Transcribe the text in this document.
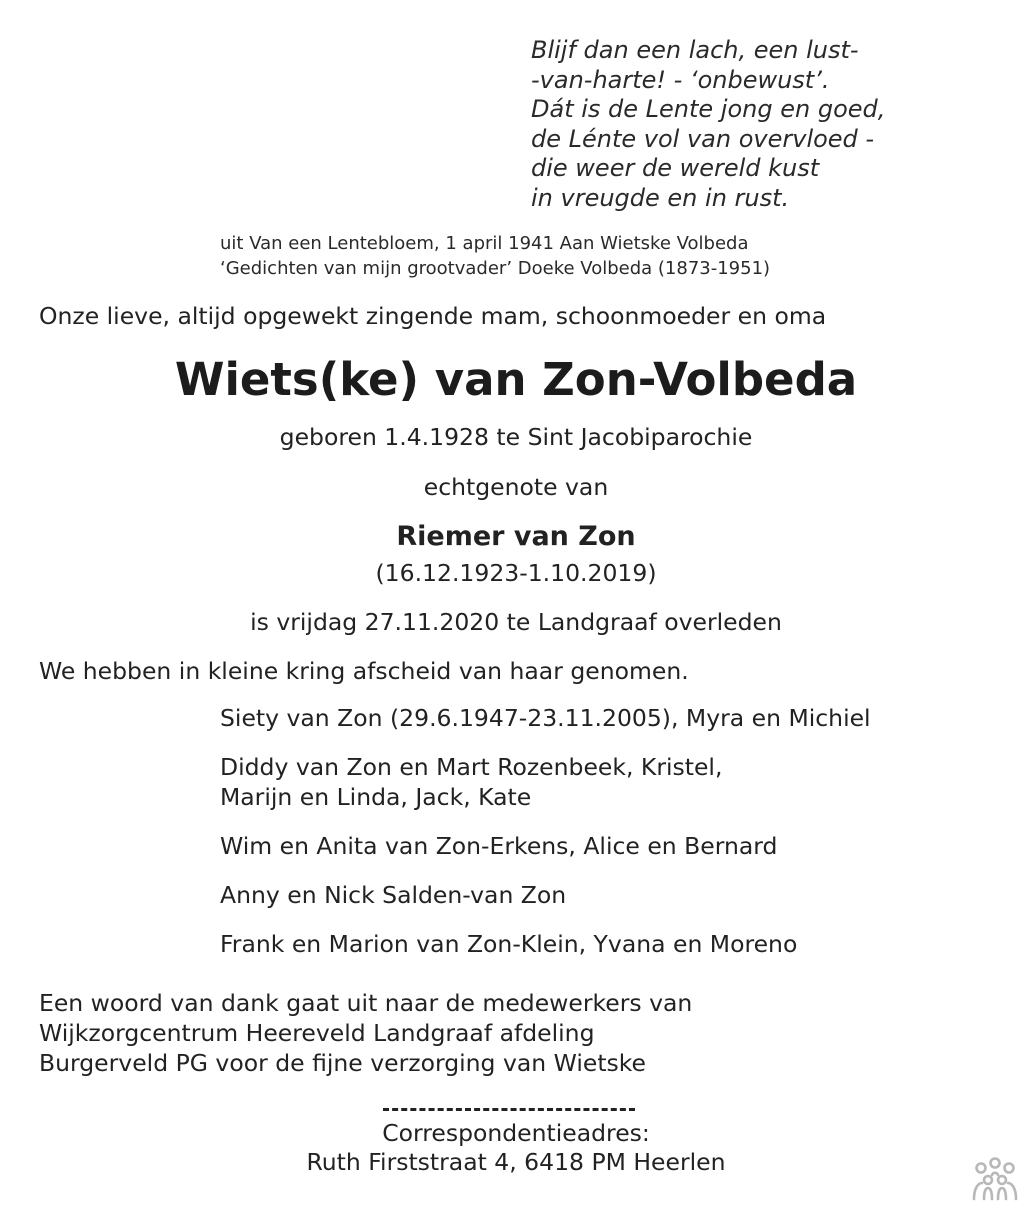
Blijf dan een lach, een lust-
-van-harte! - ‘onbewust’.
Dát is de Lente jong en goed,
de Lénte vol van overvloed -
die weer de wereld kust
in vreugde en in rust.
uit Van een Lentebloem, 1 april 1941 Aan Wietske Volbeda
‘Gedichten van mijn grootvader’ Doeke Volbeda (1873-1951)
Onze lieve, altijd opgewekt zingende mam, schoonmoeder en oma
Wiets(ke) van Zon-Volbeda
geboren 1.4.1928 te Sint Jacobiparochie
echtgenote van
Riemer van Zon
(16.12.1923-1.10.2019)
is vrijdag 27.11.2020 te Landgraaf overleden
We hebben in kleine kring afscheid van haar genomen.
Siety van Zon (29.6.1947-23.11.2005), Myra en Michiel
Diddy van Zon en Mart Rozenbeek, Kristel,
Marijn en Linda, Jack, Kate
Wim en Anita van Zon-Erkens, Alice en Bernard
Anny en Nick Salden-van Zon
Frank en Marion van Zon-Klein, Yvana en Moreno
Een woord van dank gaat uit naar de medewerkers van
Wijkzorgcentrum Heereveld Landgraaf afdeling
Burgerveld PG voor de fijne verzorging van Wietske
Correspondentieadres:
Ruth Firststraat 4, 6418 PM Heerlen
